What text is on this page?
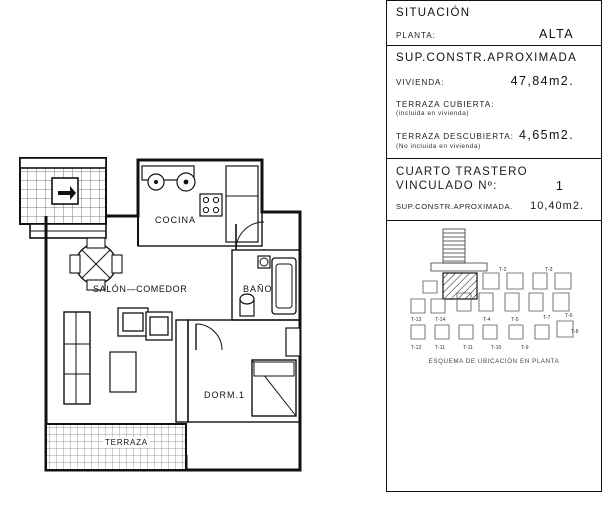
COCINA
SALÓN—COMEDOR	BAÑO
DORM.1
TERRAZA
SITUACIÓN
PLANTA:	ALTA
SUP.CONSTR.APROXIMADA
VIVIENDA:	47,84m2.
TERRAZA CUBIERTA:
(incluida en vivienda)
TERRAZA DESCUBIERTA: 4,65m2.
(No incluida en vivienda)
CUARTO TRASTERO
VINCULADO Nº:	1
SUP.CONSTR.APROXIMADA. 10,40m2.
T-2	T-3
T-13	T-14	T-4	T-5	T-7	T-6
T-8
T-12	T-11	T-11	T-10	T-9
ESQUEMA DE UBICACIÓN EN PLANTA
